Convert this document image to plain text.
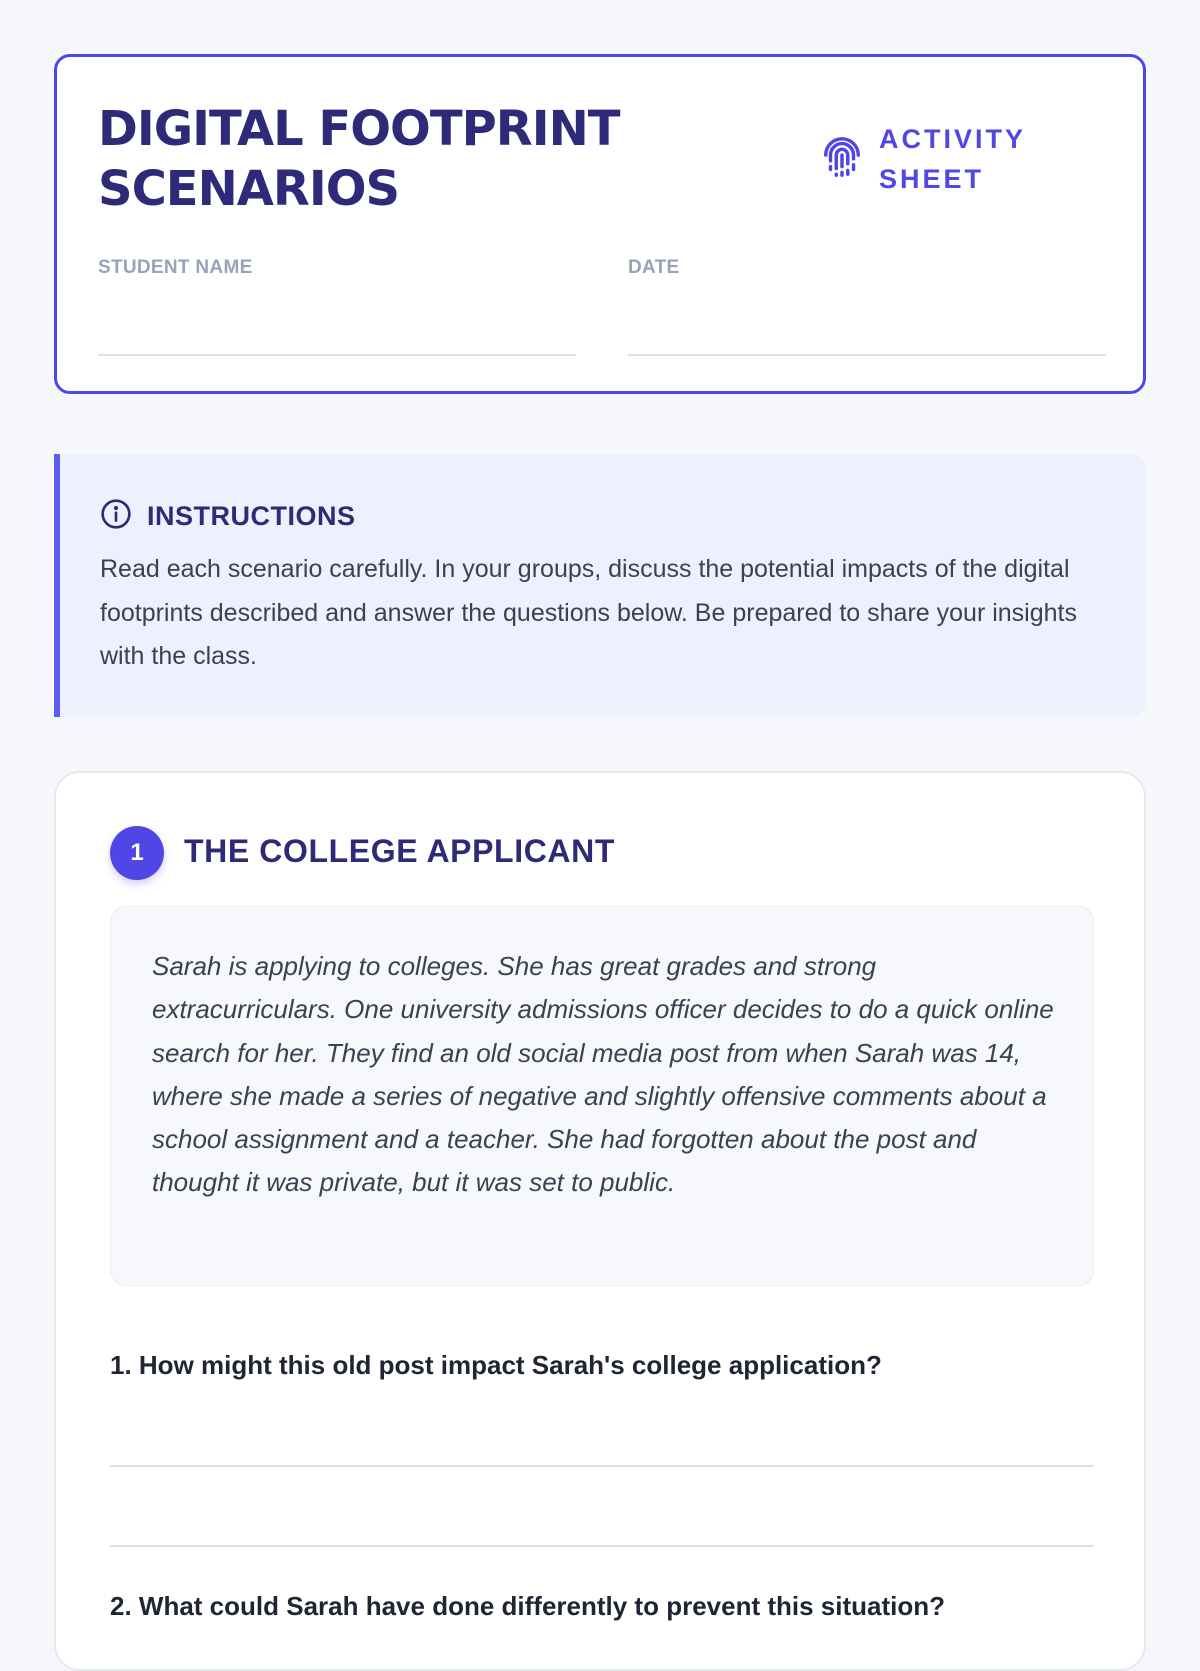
DIGITAL FOOTPRINT SCENARIOS
ACTIVITY SHEET
STUDENT NAME	DATE
INSTRUCTIONS

Read each scenario carefully. In your groups, discuss the potential impacts of the digital footprints described and answer the questions below. Be prepared to share your insights with the class.

1	THE COLLEGE APPLICANT

Sarah is applying to colleges. She has great grades and strong extracurriculars. One university admissions officer decides to do a quick online search for her. They find an old social media post from when Sarah was 14, where she made a series of negative and slightly offensive comments about a school assignment and a teacher. She had forgotten about the post and thought it was private, but it was set to public.

1. How might this old post impact Sarah's college application?

2. What could Sarah have done differently to prevent this situation?
